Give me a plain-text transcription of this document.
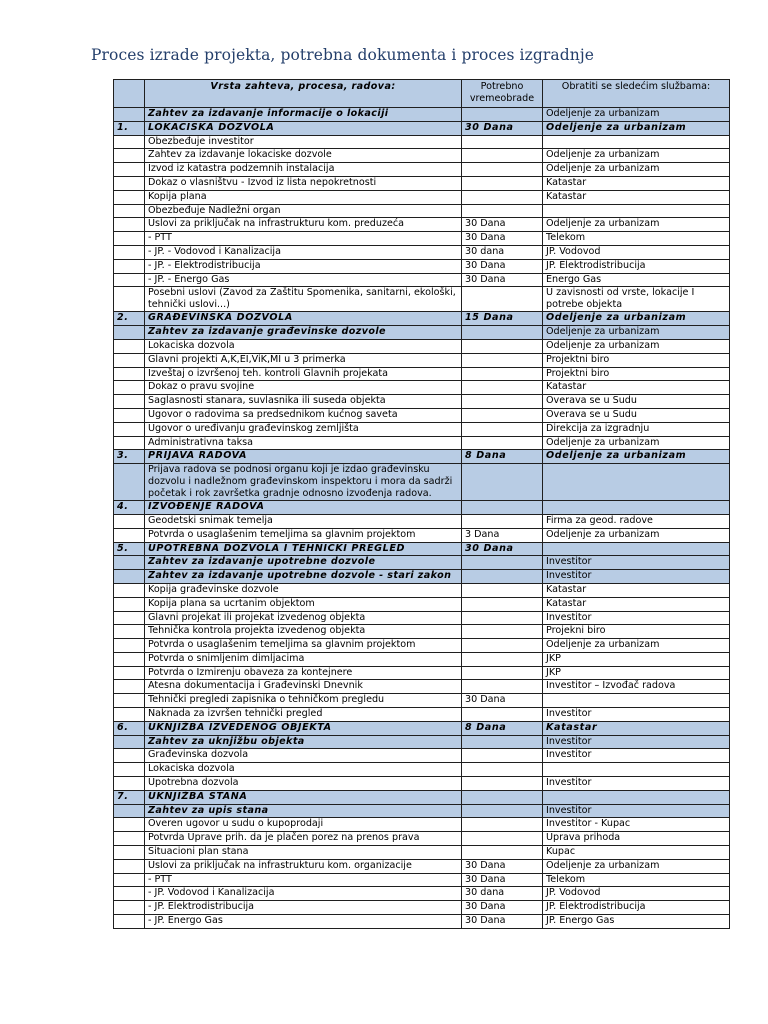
Proces izrade projekta, potrebna dokumenta i proces izgradnje
	Vrsta zahteva, procesa, radova:	Potrebno vremeobrade	Obratiti se sledećim službama:
	Zahtev za izdavanje informacije o lokaciji		Odeljenje za urbanizam
1.	LOKACISKA DOZVOLA	30 Dana	Odeljenje za urbanizam
	Obezbeđuje investitor		
	Zahtev za izdavanje lokaciske dozvole		Odeljenje za urbanizam
	Izvod iz katastra podzemnih instalacija		Odeljenje za urbanizam
	Dokaz o vlasništvu - Izvod iz lista nepokretnosti		Katastar
	Kopija plana		Katastar
	Obezbeđuje Nadležni organ		
	Uslovi za priključak na infrastrukturu kom. preduzeća	30 Dana	Odeljenje za urbanizam
	- PTT	30 Dana	Telekom
	- JP. - Vodovod i Kanalizacija	30 dana	JP. Vodovod
	- JP. - Elektrodistribucija	30 Dana	JP. Elektrodistribucija
	- JP. - Energo Gas	30 Dana	Energo Gas
	Posebni uslovi (Zavod za Zaštitu Spomenika, sanitarni, ekološki, tehnički uslovi...)		U zavisnosti od vrste, lokacije I potrebe objekta
2.	GRAĐEVINSKA DOZVOLA	15 Dana	Odeljenje za urbanizam
	Zahtev za izdavanje građevinske dozvole		Odeljenje za urbanizam
	Lokaciska dozvola		Odeljenje za urbanizam
	Glavni projekti A,K,EI,ViK,MI u 3 primerka		Projektni biro
	Izveštaj o izvršenoj teh. kontroli Glavnih projekata		Projektni biro
	Dokaz o pravu svojine		Katastar
	Saglasnosti stanara, suvlasnika ili suseda objekta		Overava se u Sudu
	Ugovor o radovima sa predsednikom kućnog saveta		Overava se u Sudu
	Ugovor o uređivanju građevinskog zemljišta		Direkcija za izgradnju
	Administrativna taksa		Odeljenje za urbanizam
3.	PRIJAVA RADOVA	8 Dana	Odeljenje za urbanizam
	Prijava radova se podnosi organu koji je izdao građevinsku dozvolu i nadležnom građevinskom inspektoru i mora da sadrži početak i rok završetka gradnje odnosno izvođenja radova.		
4.	IZVOĐENJE RADOVA		
	Geodetski snimak temelja		Firma za geod. radove
	Potvrda o usaglašenim temeljima sa glavnim projektom	3 Dana	Odeljenje za urbanizam
5.	UPOTREBNA DOZVOLA I TEHNIČKI PREGLED	30 Dana	
	Zahtev za izdavanje upotrebne dozvole		Investitor
	Zahtev za izdavanje upotrebne dozvole - stari zakon		Investitor
	Kopija građevinske dozvole		Katastar
	Kopija plana sa ucrtanim objektom		Katastar
	Glavni projekat ili projekat izvedenog objekta		Investitor
	Tehnička kontrola projekta izvedenog objekta		Projekni biro
	Potvrda o usaglašenim temeljima sa glavnim projektom		Odeljenje za urbanizam
	Potvrda o snimljenim dimljacima		JKP
	Potvrda o Izmirenju obaveza za kontejnere		JKP
	Atesna dokumentacija i Građevinski Dnevnik		Investitor – Izvođač radova
	Tehnički pregledi zapisnika o tehničkom pregledu	30 Dana	
	Naknada za izvršen tehnički pregled		Investitor
6.	UKNJIŽBA IZVEDENOG OBJEKTA	8 Dana	Katastar
	Zahtev za uknjižbu objekta		Investitor
	Građevinska dozvola		Investitor
	Lokaciska dozvola		
	Upotrebna dozvola		Investitor
7.	UKNJIŽBA STANA		
	Zahtev za upis stana		Investitor
	Overen ugovor u sudu o kupoprodaji		Investitor - Kupac
	Potvrda Uprave prih. da je plačen porez na prenos prava		Uprava prihoda
	Situacioni plan stana		Kupac
	Uslovi za priključak na infrastrukturu kom. organizacije	30 Dana	Odeljenje za urbanizam
	- PTT	30 Dana	Telekom
	- JP. Vodovod i Kanalizacija	30 dana	JP. Vodovod
	- JP. Elektrodistribucija	30 Dana	JP. Elektrodistribucija
	- JP. Energo Gas	30 Dana	JP. Energo Gas
